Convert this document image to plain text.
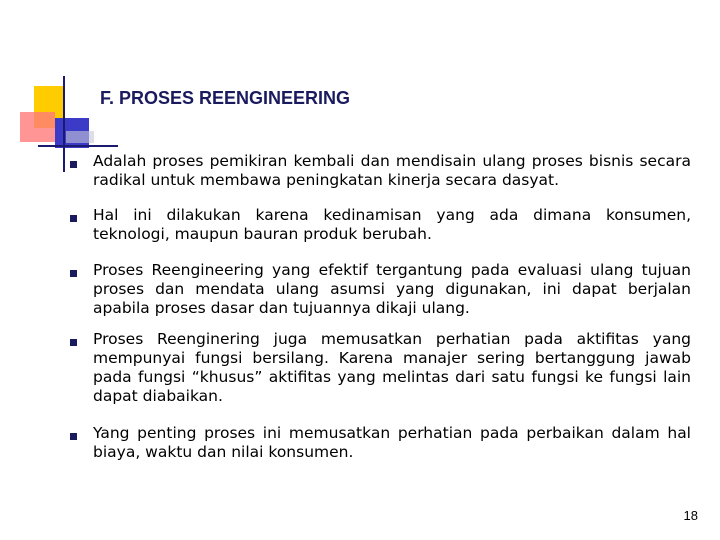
F. PROSES REENGINEERING

Adalah proses pemikiran kembali dan mendisain ulang proses bisnis secara radikal untuk membawa peningkatan kinerja secara dasyat.

Hal ini dilakukan karena kedinamisan yang ada dimana konsumen, teknologi, maupun bauran produk berubah.

Proses Reengineering yang efektif tergantung pada evaluasi ulang tujuan proses dan mendata ulang asumsi yang digunakan, ini dapat berjalan apabila proses dasar dan tujuannya dikaji ulang.

Proses Reenginering juga memusatkan perhatian pada aktifitas yang mempunyai fungsi bersilang. Karena manajer sering bertanggung jawab pada fungsi “khusus” aktifitas yang melintas dari satu fungsi ke fungsi lain dapat diabaikan.

Yang penting proses ini memusatkan perhatian pada perbaikan dalam hal biaya, waktu dan nilai konsumen.

18
